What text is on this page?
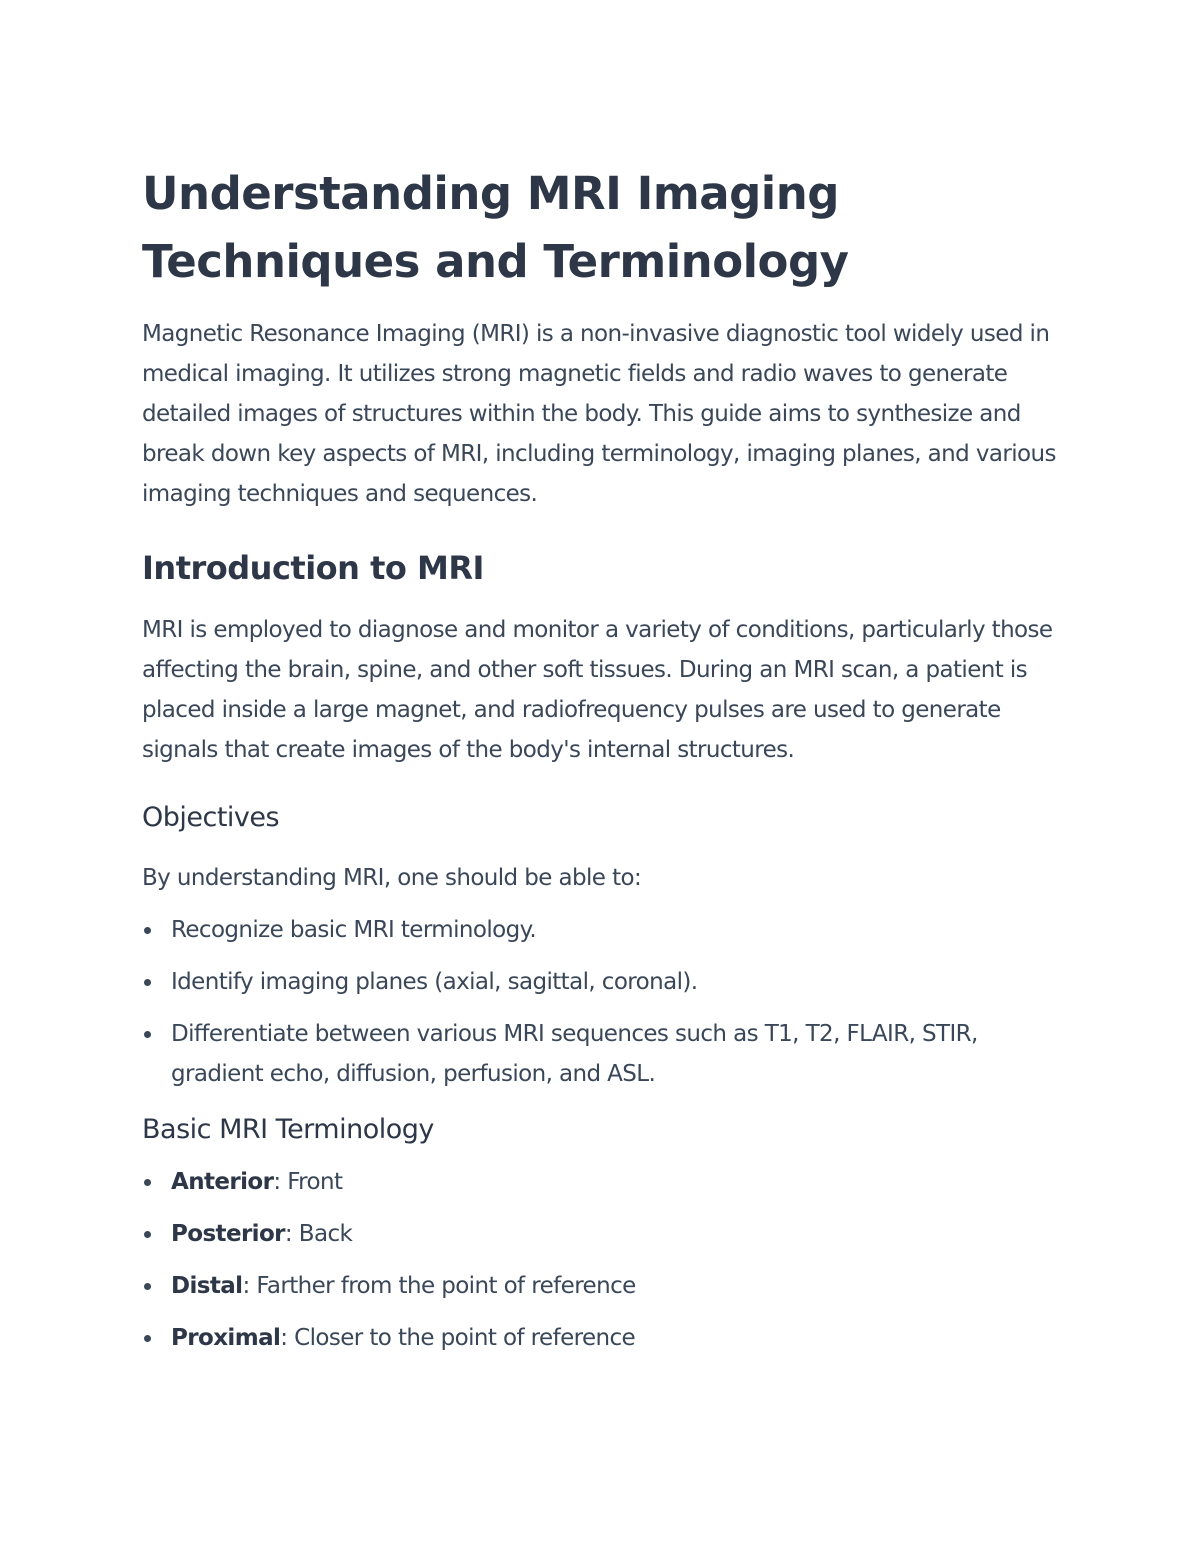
Understanding MRI Imaging Techniques and Terminology

Magnetic Resonance Imaging (MRI) is a non-invasive diagnostic tool widely used in medical imaging. It utilizes strong magnetic fields and radio waves to generate detailed images of structures within the body. This guide aims to synthesize and break down key aspects of MRI, including terminology, imaging planes, and various imaging techniques and sequences.

Introduction to MRI

MRI is employed to diagnose and monitor a variety of conditions, particularly those affecting the brain, spine, and other soft tissues. During an MRI scan, a patient is placed inside a large magnet, and radiofrequency pulses are used to generate signals that create images of the body's internal structures.

Objectives

By understanding MRI, one should be able to:

Recognize basic MRI terminology.
Identify imaging planes (axial, sagittal, coronal).
Differentiate between various MRI sequences such as T1, T2, FLAIR, STIR, gradient echo, diffusion, perfusion, and ASL.
Basic MRI Terminology
Anterior: Front
Posterior: Back
Distal: Farther from the point of reference
Proximal: Closer to the point of reference
